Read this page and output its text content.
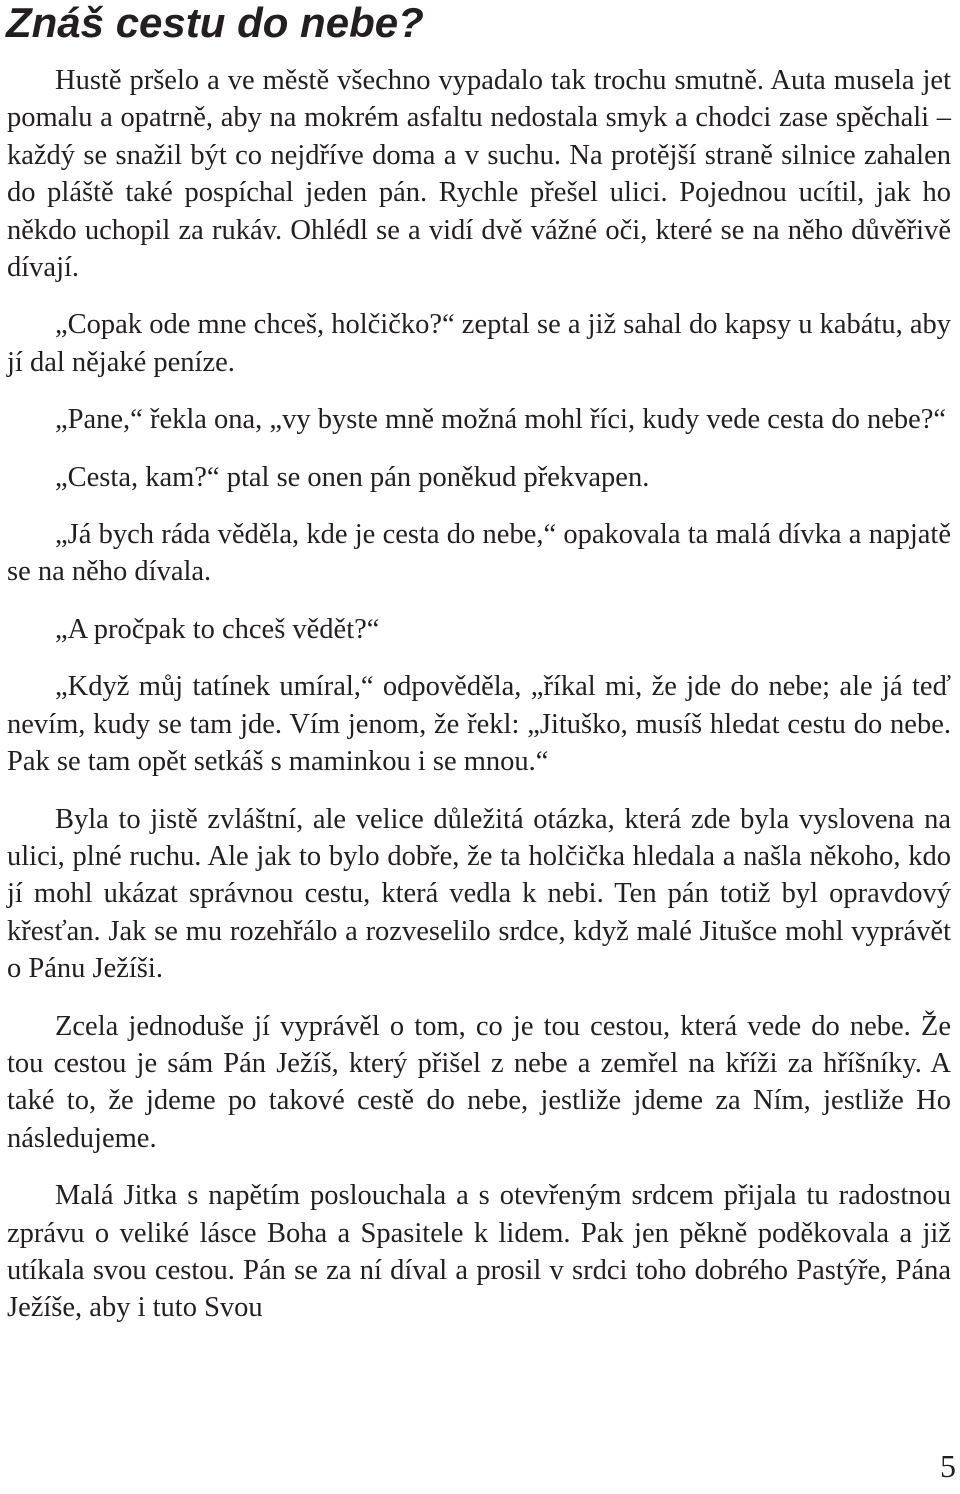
Znáš cestu do nebe?

Hustě pršelo a ve městě všechno vypadalo tak trochu smutně. Auta musela jet pomalu a opatrně, aby na mokrém asfaltu nedostala smyk a chodci zase spěchali – každý se snažil být co nejdříve doma a v suchu. Na protější straně silnice zahalen do pláště také pospíchal jeden pán. Rychle přešel ulici. Pojednou ucítil, jak ho někdo uchopil za rukáv. Ohlédl se a vidí dvě vážné oči, které se na něho důvěřivě dívají.

„Copak ode mne chceš, holčičko?“ zeptal se a již sahal do kapsy u kabátu, aby jí dal nějaké peníze.

„Pane,“ řekla ona, „vy byste mně možná mohl říci, kudy vede cesta do nebe?“

„Cesta, kam?“ ptal se onen pán poněkud překvapen.

„Já bych ráda věděla, kde je cesta do nebe,“ opakovala ta malá dívka a napjatě se na něho dívala.

„A pročpak to chceš vědět?“

„Když můj tatínek umíral,“ odpověděla, „říkal mi, že jde do nebe; ale já teď nevím, kudy se tam jde. Vím jenom, že řekl: „Jituško, musíš hledat cestu do nebe. Pak se tam opět setkáš s maminkou i se mnou.“

Byla to jistě zvláštní, ale velice důležitá otázka, která zde byla vyslovena na ulici, plné ruchu. Ale jak to bylo dobře, že ta holčička hledala a našla někoho, kdo jí mohl ukázat správnou cestu, která vedla k nebi. Ten pán totiž byl opravdový křesťan. Jak se mu rozehřálo a rozveselilo srdce, když malé Jitušce mohl vyprávět o Pánu Ježíši.

Zcela jednoduše jí vyprávěl o tom, co je tou cestou, která vede do nebe. Že tou cestou je sám Pán Ježíš, který přišel z nebe a zemřel na kříži za hříšníky. A také to, že jdeme po takové cestě do nebe, jestliže jdeme za Ním, jestliže Ho následujeme.

Malá Jitka s napětím poslouchala a s otevřeným srdcem přijala tu radostnou zprávu o veliké lásce Boha a Spasitele k lidem. Pak jen pěkně poděkovala a již utíkala svou cestou. Pán se za ní díval a prosil v srdci toho dobrého Pastýře, Pána Ježíše, aby i tuto Svou

5
